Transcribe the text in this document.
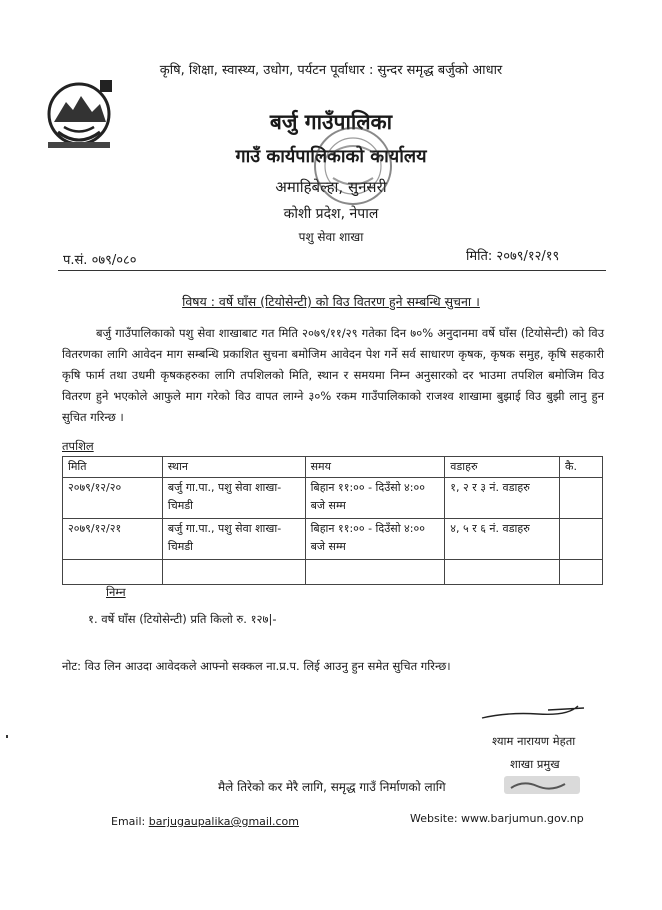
कृषि, शिक्षा, स्वास्थ्य, उधोग, पर्यटन पूर्वाधार : सुन्दर समृद्ध बर्जुको आधार
बर्जु गाउँपालिका
गाउँ कार्यपालिकाको कार्यालय
अमाहिबेल्हा, सुनसरी
कोशी प्रदेश, नेपाल
पशु सेवा शाखा
प.सं. ०७९/०८०	मिति: २०७९/१२/१९
विषय : वर्षे घाँस (टियोसेन्टी) को विउ वितरण हुने सम्बन्धि सुचना ।
बर्जु गाउँपालिकाको पशु सेवा शाखाबाट गत मिति २०७९/११/२९ गतेका दिन ७०% अनुदानमा वर्षे घाँस (टियोसेन्टी) को विउ वितरणका लागि आवेदन माग सम्बन्धि प्रकाशित सुचना बमोजिम आवेदन पेश गर्ने सर्व साधारण कृषक, कृषक समुह, कृषि सहकारी कृषि फार्म तथा उधमी कृषकहरुका लागि तपशिलको मिति, स्थान र समयमा निम्न अनुसारको दर भाउमा तपशिल बमोजिम विउ वितरण हुने भएकोले आफुले माग गरेको विउ वापत लाग्ने ३०% रकम गाउँपालिकाको राजश्व शाखामा बुझाई विउ बुझी लानु हुन सुचित गरिन्छ ।
तपशिल
मिति	स्थान	समय	वडाहरु	कै.
२०७९/१२/२०	बर्जु गा.पा., पशु सेवा शाखा- चिमडी	बिहान ११:०० - दिउँसो ४:०० बजे सम्म	१, २ र ३ नं. वडाहरु	
२०७९/१२/२१	बर्जु गा.पा., पशु सेवा शाखा- चिमडी	बिहान ११:०० - दिउँसो ४:०० बजे सम्म	४, ५ र ६ नं. वडाहरु	

निम्न
१. वर्षे घाँस (टियोसेन्टी) प्रति किलो रु. १२७|-
नोट: विउ लिन आउदा आवेदकले आफ्नो सक्कल ना.प्र.प. लिई आउनु हुन समेत सुचित गरिन्छ।
श्याम नारायण मेहता
शाखा प्रमुख
मैले तिरेको कर मेरै लागि, समृद्ध गाउँ निर्माणको लागि
Email: barjugaupalika@gmail.com	Website: www.barjumun.gov.np
